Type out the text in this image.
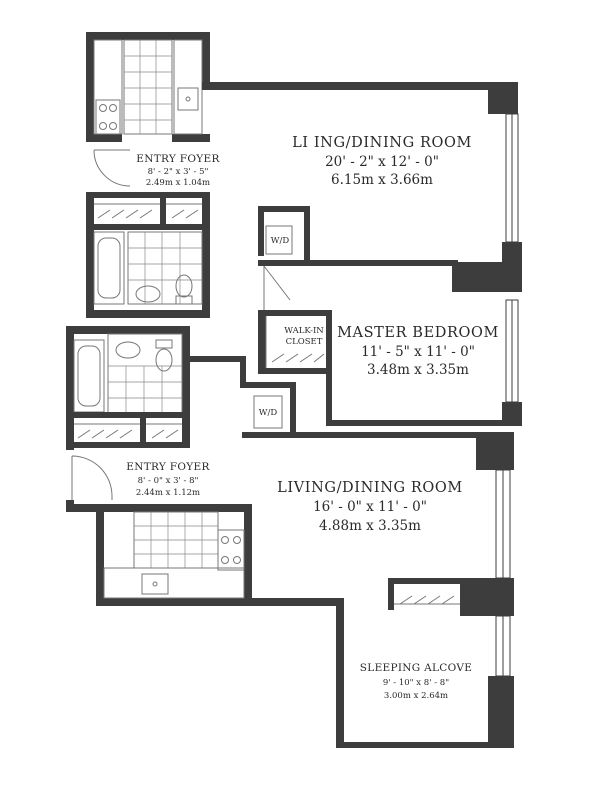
LI ING/DINING ROOM
20' - 2" x 12' - 0"
6.15m x 3.66m
ENTRY FOYER
8' - 2" x 3' - 5"
2.49m x 1.04m
W/D
WALK-IN
CLOSET
MASTER BEDROOM
11' - 5" x 11' - 0"
3.48m x 3.35m
W/D
ENTRY FOYER
8' - 0" x 3' - 8"
2.44m x 1.12m	LIVING/DINING ROOM
16' - 0" x 11' - 0"
4.88m x 3.35m
SLEEPING ALCOVE
9' - 10" x 8' - 8"
3.00m x 2.64m
